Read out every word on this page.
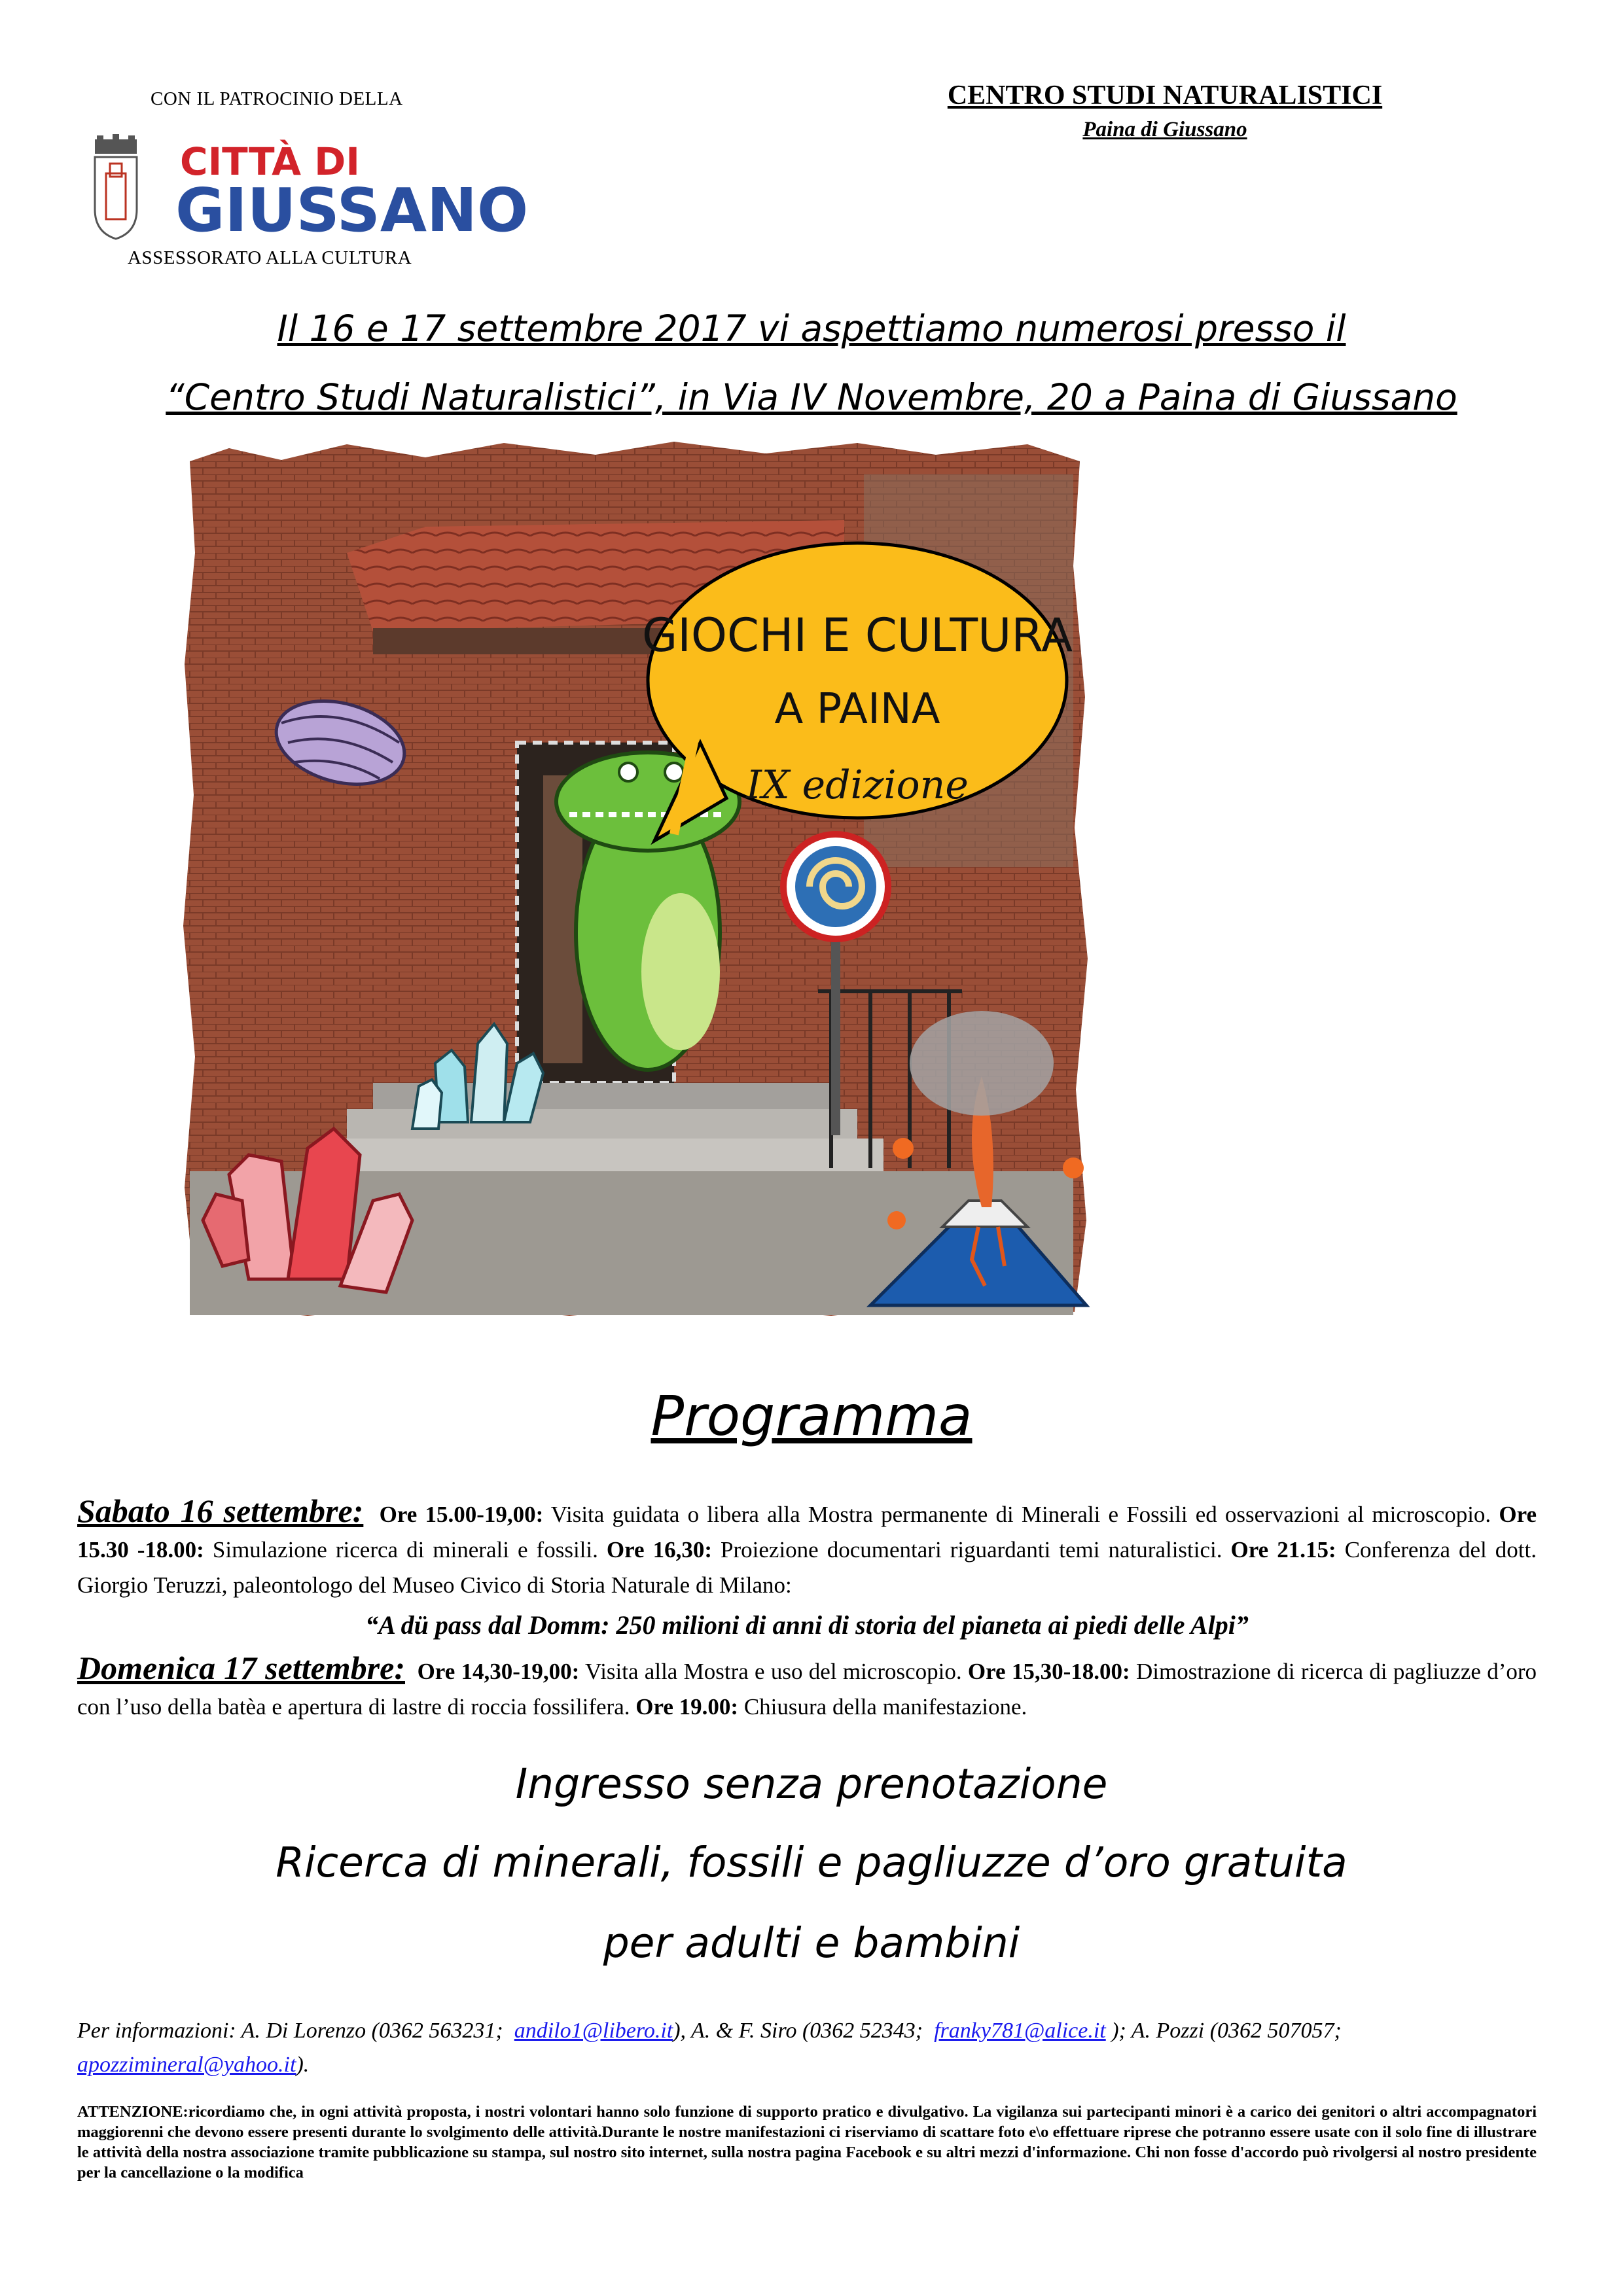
CON IL PATROCINIO DELLA
CITTÀ DI
GIUSSANO
ASSESSORATO ALLA CULTURA
CENTRO STUDI NATURALISTICI
Paina di Giussano
Il 16 e 17 settembre 2017 vi aspettiamo numerosi presso il
“Centro Studi Naturalistici”, in Via IV Novembre, 20 a Paina di Giussano
GIOCHI E CULTURA
A PAINA
IX edizione
Programma
Sabato 16 settembre: Ore 15.00-19,00: Visita guidata o libera alla Mostra permanente di Minerali e Fossili ed osservazioni al microscopio. Ore 15.30 -18.00: Simulazione ricerca di minerali e fossili. Ore 16,30: Proiezione documentari riguardanti temi naturalistici. Ore 21.15: Conferenza del dott. Giorgio Teruzzi, paleontologo del Museo Civico di Storia Naturale di Milano:
“A dü pass dal Domm: 250 milioni di anni di storia del pianeta ai piedi delle Alpi”
Domenica 17 settembre: Ore 14,30-19,00: Visita alla Mostra e uso del microscopio. Ore 15,30-18.00: Dimostrazione di ricerca di pagliuzze d’oro con l’uso della batèa e apertura di lastre di roccia fossilifera. Ore 19.00: Chiusura della manifestazione.
Ingresso senza prenotazione
Ricerca di minerali, fossili e pagliuzze d’oro gratuita
per adulti e bambini
Per informazioni: A. Di Lorenzo (0362 563231; andilo1@libero.it), A. & F. Siro (0362 52343; franky781@alice.it ); A. Pozzi (0362 507057;  apozzimineral@yahoo.it).
ATTENZIONE:ricordiamo che, in ogni attività proposta, i nostri volontari hanno solo funzione di supporto pratico e divulgativo. La vigilanza sui partecipanti minori è a carico dei genitori o altri accompagnatori maggiorenni che devono essere presenti durante lo svolgimento delle attività.Durante le nostre manifestazioni ci riserviamo di scattare foto e\o effettuare riprese che potranno essere usate con il solo fine di illustrare le attività della nostra associazione tramite pubblicazione su stampa, sul nostro sito internet, sulla nostra pagina Facebook e su altri mezzi d'informazione. Chi non fosse d'accordo può rivolgersi al nostro presidente per la cancellazione o la modifica
